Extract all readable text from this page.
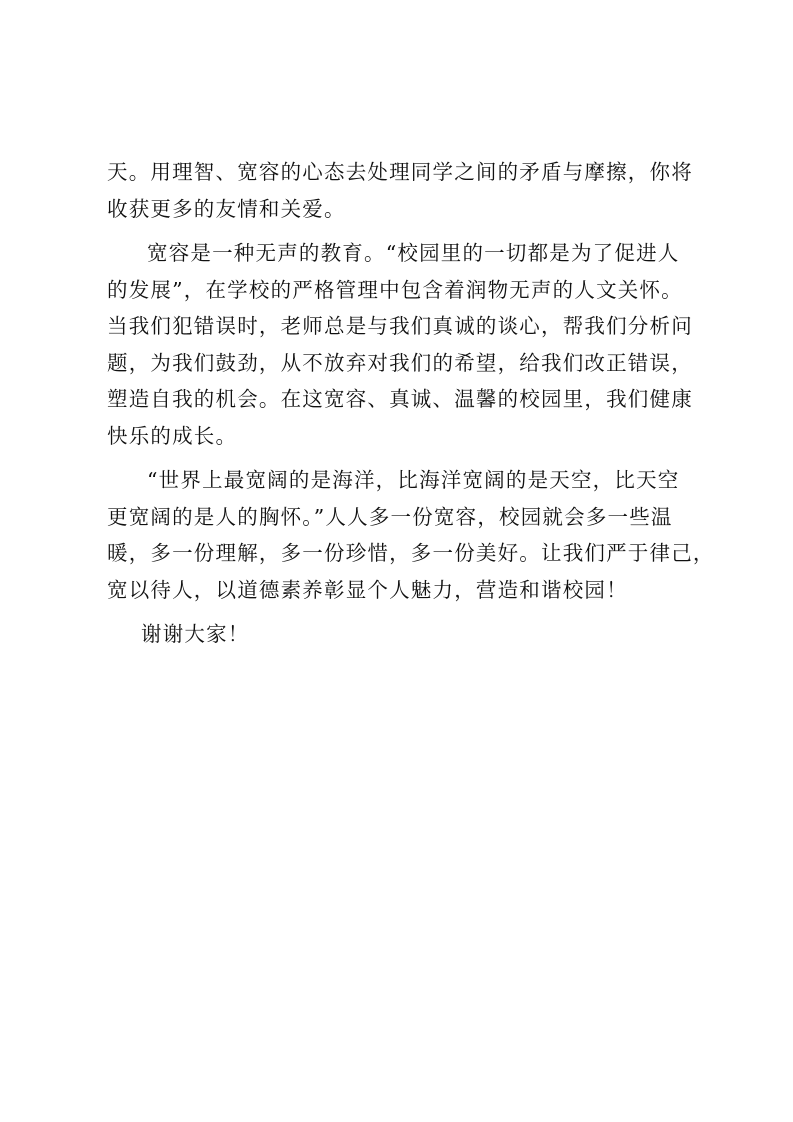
天。用理智、宽容的心态去处理同学之间的矛盾与摩擦，你将
收获更多的友情和关爱。
宽容是一种无声的教育。“校园里的一切都是为了促进人
的发展”，在学校的严格管理中包含着润物无声的人文关怀。
当我们犯错误时，老师总是与我们真诚的谈心，帮我们分析问
题，为我们鼓劲，从不放弃对我们的希望，给我们改正错误，
塑造自我的机会。在这宽容、真诚、温馨的校园里，我们健康
快乐的成长。
“世界上最宽阔的是海洋，比海洋宽阔的是天空，比天空
更宽阔的是人的胸怀。”人人多一份宽容，校园就会多一些温
暖，多一份理解，多一份珍惜，多一份美好。让我们严于律己，
宽以待人，以道德素养彰显个人魅力，营造和谐校园！
谢谢大家！
